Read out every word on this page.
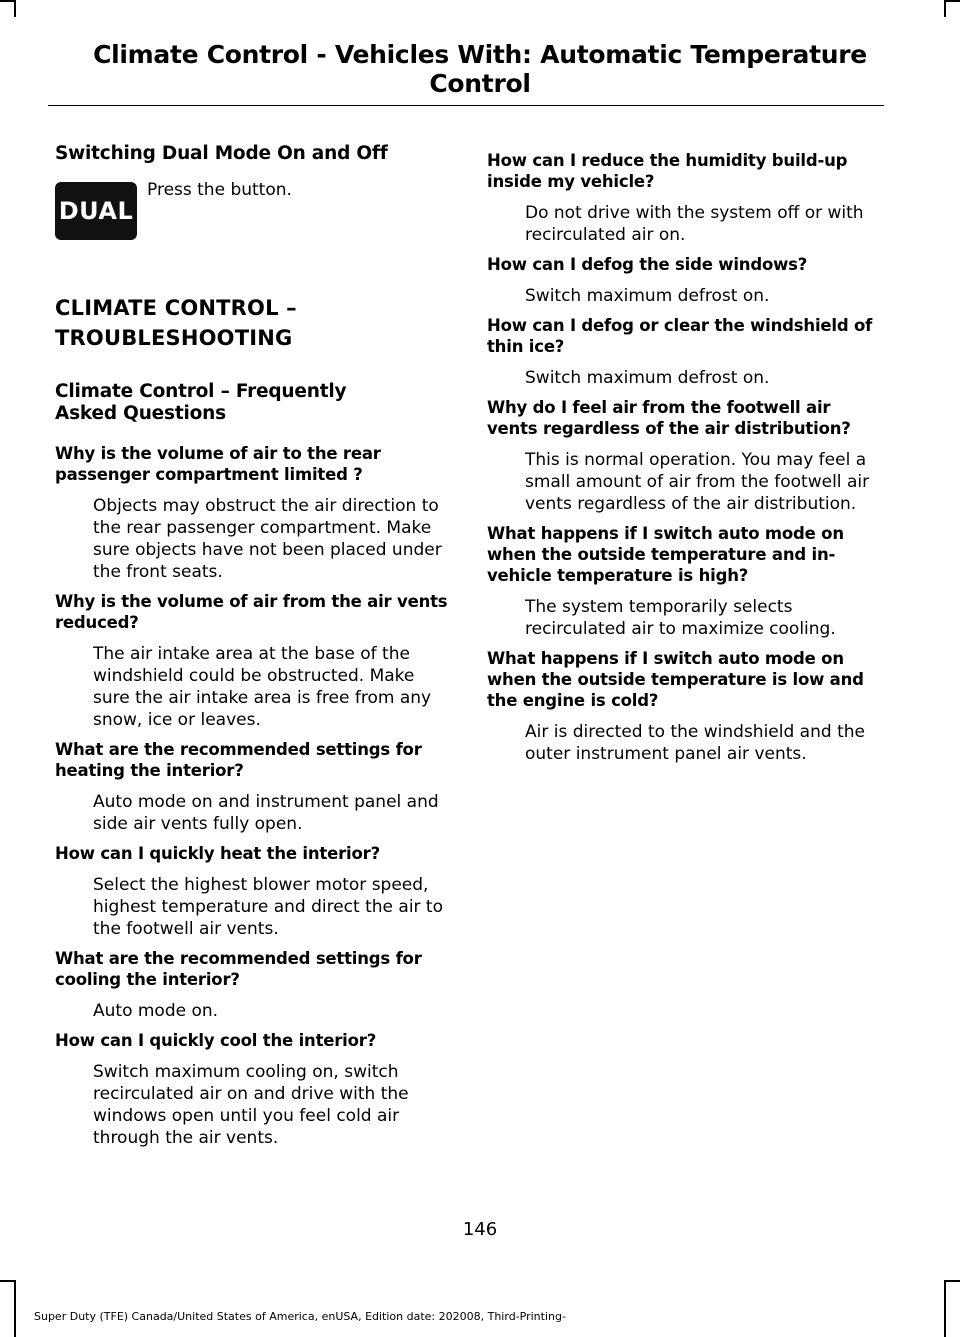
Climate Control - Vehicles With: Automatic Temperature
Control
Switching Dual Mode On and Off
DUAL
Press the button.
CLIMATE CONTROL –
TROUBLESHOOTING
Climate Control – Frequently
Asked Questions
Why is the volume of air to the rear passenger compartment limited ?

Objects may obstruct the air direction to the rear passenger compartment. Make sure objects have not been placed under the front seats.

Why is the volume of air from the air vents reduced?

The air intake area at the base of the windshield could be obstructed. Make sure the air intake area is free from any snow, ice or leaves.

What are the recommended settings for heating the interior?

Auto mode on and instrument panel and side air vents fully open.

How can I quickly heat the interior?

Select the highest blower motor speed, highest temperature and direct the air to the footwell air vents.

What are the recommended settings for cooling the interior?

Auto mode on.

How can I quickly cool the interior?

Switch maximum cooling on, switch recirculated air on and drive with the windows open until you feel cold air through the air vents.

How can I reduce the humidity build-up inside my vehicle?

Do not drive with the system off or with recirculated air on.

How can I defog the side windows?

Switch maximum defrost on.

How can I defog or clear the windshield of thin ice?

Switch maximum defrost on.

Why do I feel air from the footwell air vents regardless of the air distribution?

This is normal operation. You may feel a small amount of air from the footwell air vents regardless of the air distribution.

What happens if I switch auto mode on when the outside temperature and in-vehicle temperature is high?

The system temporarily selects recirculated air to maximize cooling.

What happens if I switch auto mode on when the outside temperature is low and the engine is cold?

Air is directed to the windshield and the outer instrument panel air vents.

146
Super Duty (TFE) Canada/United States of America, enUSA, Edition date: 202008, Third-Printing-
